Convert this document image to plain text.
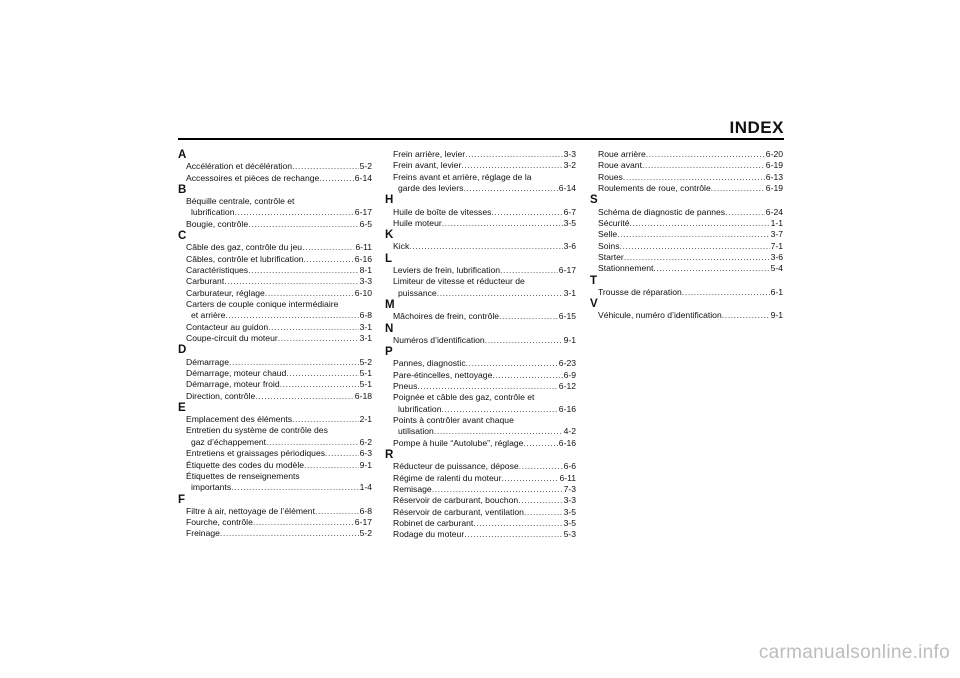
INDEX
A
Accélération et décélération .....	5-2
Accessoires et pièces de rechange .....	6-14
B
Béquille centrale, contrôle et
lubrification .....	6-17
Bougie, contrôle .....	6-5
C
Câble des gaz, contrôle du jeu .....	6-11
Câbles, contrôle et lubrification .....	6-16
Caractéristiques .....	8-1
Carburant .....	3-3
Carburateur, réglage .....	6-10
Carters de couple conique intermédiaire
et arrière .....	6-8
Contacteur au guidon .....	3-1
Coupe-circuit du moteur .....	3-1
D
Démarrage .....	5-2
Démarrage, moteur chaud .....	5-1
Démarrage, moteur froid .....	5-1
Direction, contrôle .....	6-18
E
Emplacement des éléments .....	2-1
Entretien du système de contrôle des
gaz d’échappement .....	6-2
Entretiens et graissages périodiques .....	6-3
Étiquette des codes du modèle .....	9-1
Étiquettes de renseignements
importants .....	1-4
F
Filtre à air, nettoyage de l’élément .....	6-8
Fourche, contrôle .....	6-17
Freinage .....	5-2
Frein arrière, levier .....	3-3
Frein avant, levier .....	3-2
Freins avant et arrière, réglage de la
garde des leviers .....	6-14
H
Huile de boîte de vitesses .....	6-7
Huile moteur .....	3-5
K
Kick .....	3-6
L
Leviers de frein, lubrification .....	6-17
Limiteur de vitesse et réducteur de
puissance .....	3-1
M
Mâchoires de frein, contrôle .....	6-15
N
Numéros d’identification .....	9-1
P
Pannes, diagnostic .....	6-23
Pare-étincelles, nettoyage .....	6-9
Pneus .....	6-12
Poignée et câble des gaz, contrôle et
lubrification .....	6-16
Points à contrôler avant chaque
utilisation .....	4-2
Pompe à huile “Autolube”, réglage .....	6-16
R
Réducteur de puissance, dépose .....	6-6
Régime de ralenti du moteur .....	6-11
Remisage .....	7-3
Réservoir de carburant, bouchon .....	3-3
Réservoir de carburant, ventilation .....	3-5
Robinet de carburant .....	3-5
Rodage du moteur .....	5-3
Roue arrière .....	6-20
Roue avant .....	6-19
Roues .....	6-13
Roulements de roue, contrôle .....	6-19
S
Schéma de diagnostic de pannes .....	6-24
Sécurité .....	1-1
Selle .....	3-7
Soins .....	7-1
Starter .....	3-6
Stationnement .....	5-4
T
Trousse de réparation .....	6-1
V
Véhicule, numéro d’identification .....	9-1
carmanualsonline.info
